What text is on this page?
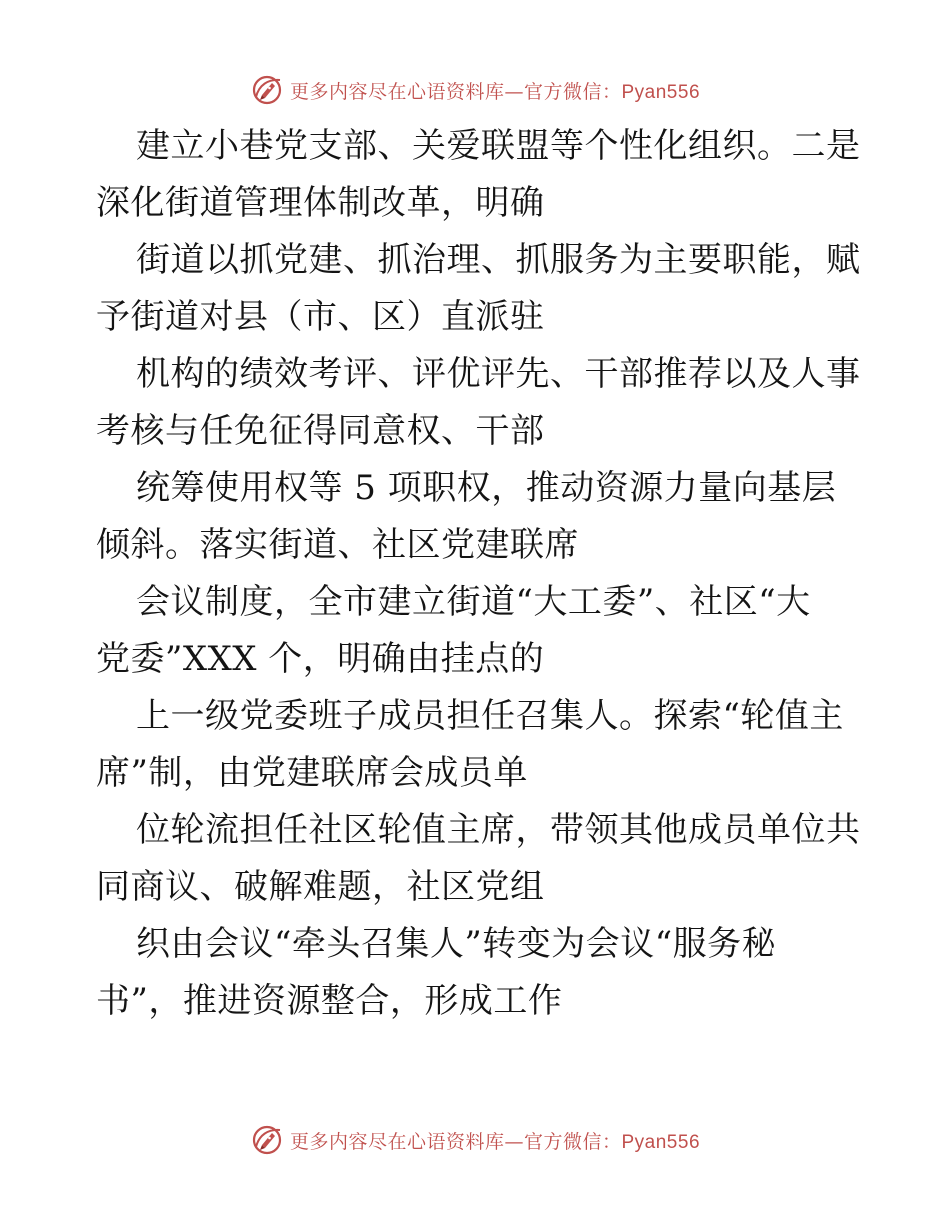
更多内容尽在心语资料库—官方微信：Pyan556
建立小巷党支部、关爱联盟等个性化组织。二是
深化街道管理体制改革，明确
街道以抓党建、抓治理、抓服务为主要职能，赋
予街道对县（市、区）直派驻
机构的绩效考评、评优评先、干部推荐以及人事
考核与任免征得同意权、干部
统筹使用权等 5 项职权，推动资源力量向基层
倾斜。落实街道、社区党建联席
会议制度，全市建立街道“大工委”、社区“大
党委”XXX 个，明确由挂点的
上一级党委班子成员担任召集人。探索“轮值主
席”制，由党建联席会成员单
位轮流担任社区轮值主席，带领其他成员单位共
同商议、破解难题，社区党组
织由会议“牵头召集人”转变为会议“服务秘
书”，推进资源整合，形成工作
更多内容尽在心语资料库—官方微信：Pyan556
